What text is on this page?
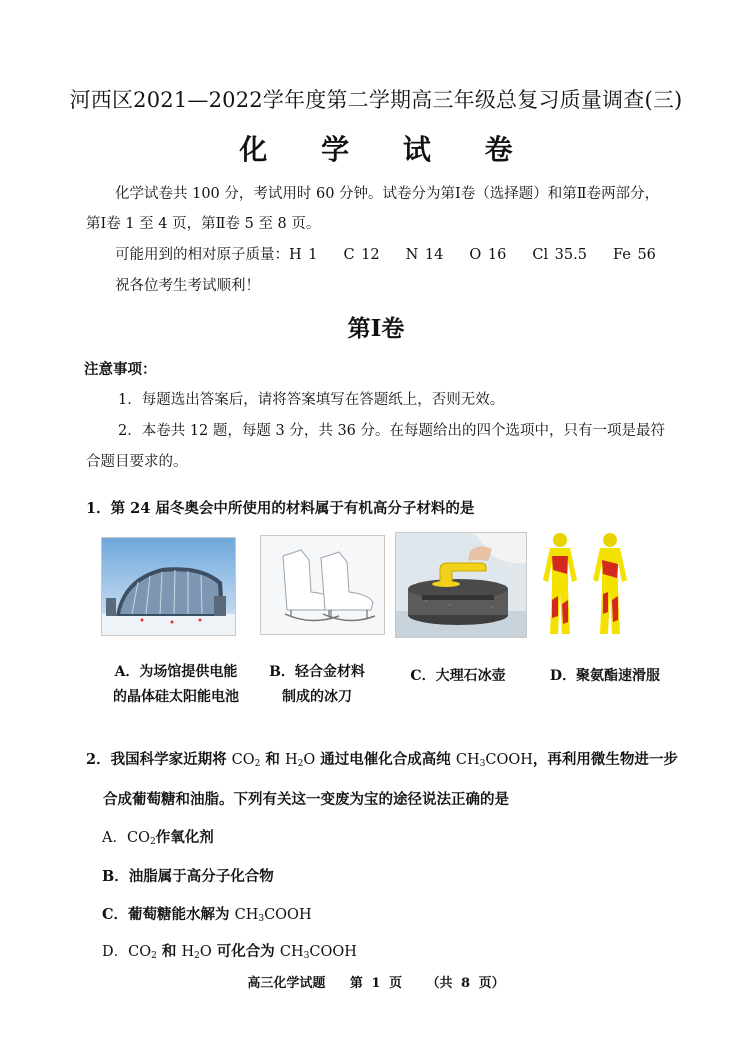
河西区2021—2022学年度第二学期高三年级总复习质量调查(三)
化 学 试 卷
化学试卷共 100 分，考试用时 60 分钟。试卷分为第Ⅰ卷（选择题）和第Ⅱ卷两部分，
第Ⅰ卷 1 至 4 页，第Ⅱ卷 5 至 8 页。
可能用到的相对原子质量：H 1 C 12 N 14 O 16 Cl 35.5 Fe 56
祝各位考生考试顺利！
第Ⅰ卷
注意事项：
1．每题选出答案后，请将答案填写在答题纸上，否则无效。
2．本卷共 12 题，每题 3 分，共 36 分。在每题给出的四个选项中，只有一项是最符
合题目要求的。
1．第 24 届冬奥会中所使用的材料属于有机高分子材料的是
A．为场馆提供电能
的晶体硅太阳能电池
B．轻合金材料
制成的冰刀
C．大理石冰壶	D．聚氨酯速滑服
2．我国科学家近期将 $CO_2$ 和 $H_2O$ 通过电催化合成高纯 $CH_3COOH$，再利用微生物进一步
合成葡萄糖和油脂。下列有关这一变废为宝的途径说法正确的是
A．$CO_2$作氧化剂
B．油脂属于高分子化合物
C．葡萄糖能水解为 $CH_3COOH$
D．$CO_2$ 和 $H_2O$ 可化合为 $CH_3COOH$
高三化学试题 第 1 页 （共 8 页）
